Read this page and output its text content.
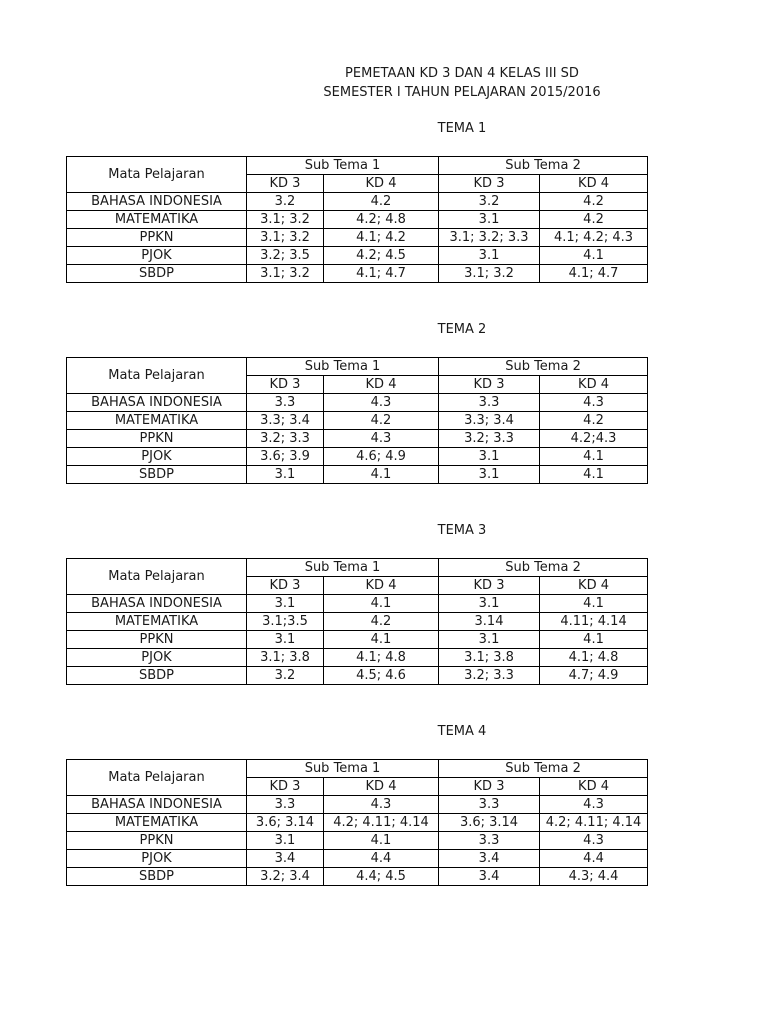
PEMETAAN KD 3 DAN 4 KELAS III SD
SEMESTER I TAHUN PELAJARAN 2015/2016
TEMA 1
Mata Pelajaran	Sub Tema 1		Sub Tema 2	
	KD 3	KD 4	KD 3	KD 4
BAHASA INDONESIA	3.2	4.2	3.2	4.2
MATEMATIKA	3.1; 3.2	4.2; 4.8	3.1	4.2
PPKN	3.1; 3.2	4.1; 4.2	3.1; 3.2; 3.3	4.1; 4.2; 4.3
PJOK	3.2; 3.5	4.2; 4.5	3.1	4.1
SBDP	3.1; 3.2	4.1; 4.7	3.1; 3.2	4.1; 4.7
TEMA 2
Mata Pelajaran	Sub Tema 1		Sub Tema 2	
	KD 3	KD 4	KD 3	KD 4
BAHASA INDONESIA	3.3	4.3	3.3	4.3
MATEMATIKA	3.3; 3.4	4.2	3.3; 3.4	4.2
PPKN	3.2; 3.3	4.3	3.2; 3.3	4.2;4.3
PJOK	3.6; 3.9	4.6; 4.9	3.1	4.1
SBDP	3.1	4.1	3.1	4.1
TEMA 3
Mata Pelajaran	Sub Tema 1		Sub Tema 2	
	KD 3	KD 4	KD 3	KD 4
BAHASA INDONESIA	3.1	4.1	3.1	4.1
MATEMATIKA	3.1;3.5	4.2	3.14	4.11; 4.14
PPKN	3.1	4.1	3.1	4.1
PJOK	3.1; 3.8	4.1; 4.8	3.1; 3.8	4.1; 4.8
SBDP	3.2	4.5; 4.6	3.2; 3.3	4.7; 4.9
TEMA 4
Mata Pelajaran	Sub Tema 1		Sub Tema 2	
	KD 3	KD 4	KD 3	KD 4
BAHASA INDONESIA	3.3	4.3	3.3	4.3
MATEMATIKA	3.6; 3.14	4.2; 4.11; 4.14	3.6; 3.14	4.2; 4.11; 4.14
PPKN	3.1	4.1	3.3	4.3
PJOK	3.4	4.4	3.4	4.4
SBDP	3.2; 3.4	4.4; 4.5	3.4	4.3; 4.4
